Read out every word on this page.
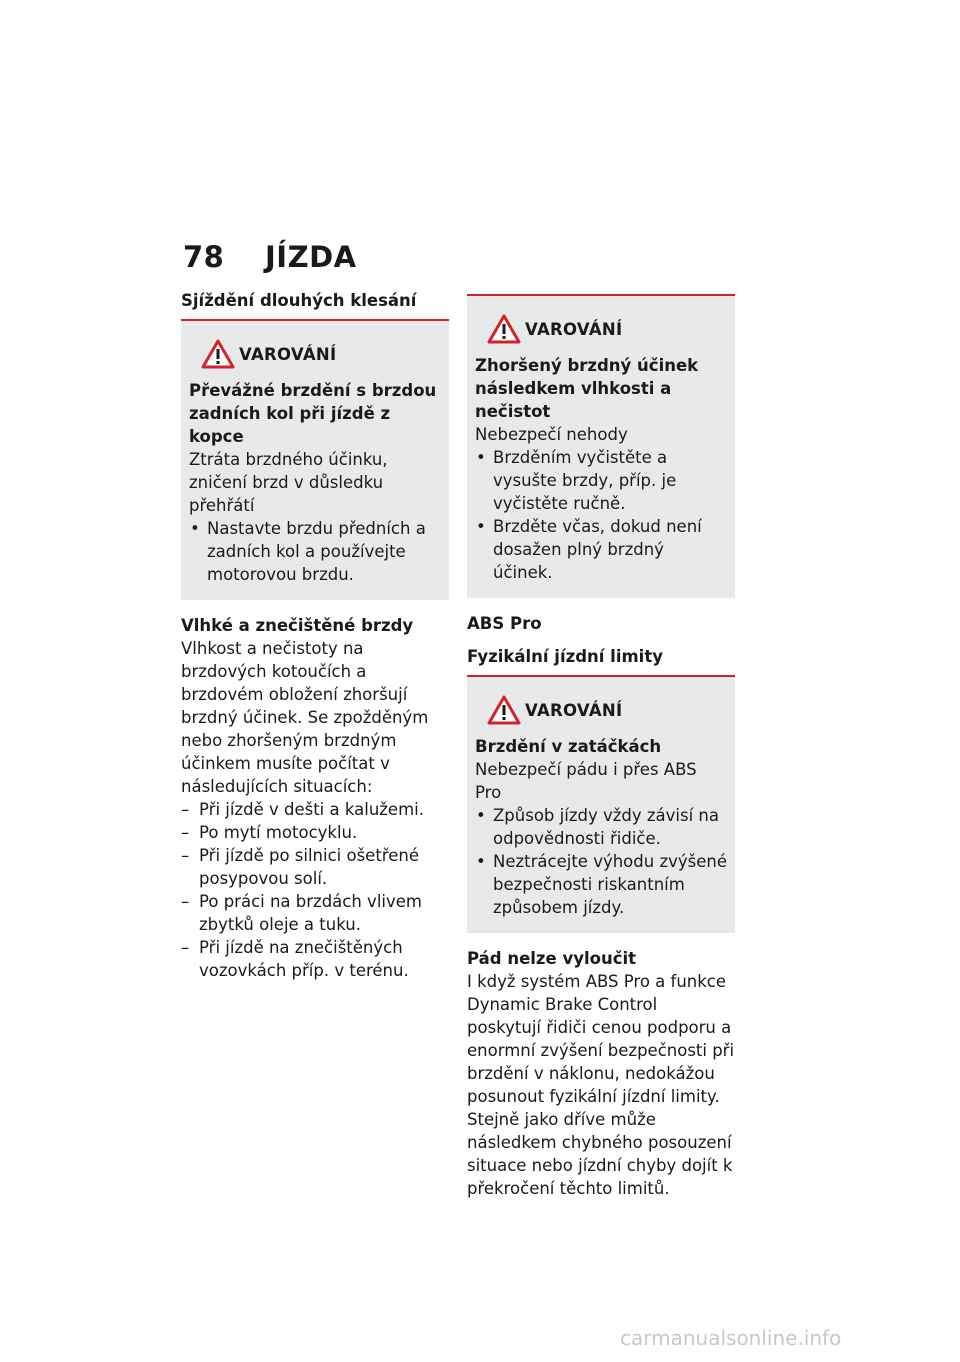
78 JÍZDA
Sjíždění dlouhých klesání
VAROVÁNÍ

Převážné brzdění s brzdou zadních kol při jízdě z kopce

Ztráta brzdného účinku, zničení brzd v důsledku přehřátí

• Nastavte brzdu předních a zadních kol a používejte motorovou brzdu.

Vlhké a znečištěné brzdy

Vlhkost a nečistoty na brzdových kotoučích a brzdovém obložení zhoršují brzdný účinek. Se zpožděným nebo zhoršeným brzdným účinkem musíte počítat v následujících situacích:

– Při jízdě v dešti a kalužemi.
– Po mytí motocyklu.
– Při jízdě po silnici ošetřené posypovou solí.
– Po práci na brzdách vlivem zbytků oleje a tuku.
– Při jízdě na znečištěných vozovkách příp. v terénu.
VAROVÁNÍ

Zhoršený brzdný účinek následkem vlhkosti a nečistot

Nebezpečí nehody

• Brzděním vyčistěte a vysušte brzdy, příp. je vyčistěte ručně.
• Brzděte včas, dokud není dosažen plný brzdný účinek.

ABS Pro

Fyzikální jízdní limity

VAROVÁNÍ

Brzdění v zatáčkách

Nebezpečí pádu i přes ABS Pro

• Způsob jízdy vždy závisí na odpovědnosti řidiče.
• Neztrácejte výhodu zvýšené bezpečnosti riskantním způsobem jízdy.

Pád nelze vyloučit

I když systém ABS Pro a funkce Dynamic Brake Control poskytují řidiči cenou podporu a enormní zvýšení bezpečnosti při brzdění v náklonu, nedokážou posunout fyzikální jízdní limity. Stejně jako dříve může následkem chybného posouzení situace nebo jízdní chyby dojít k překročení těchto limitů.

carmanualsonline.info
